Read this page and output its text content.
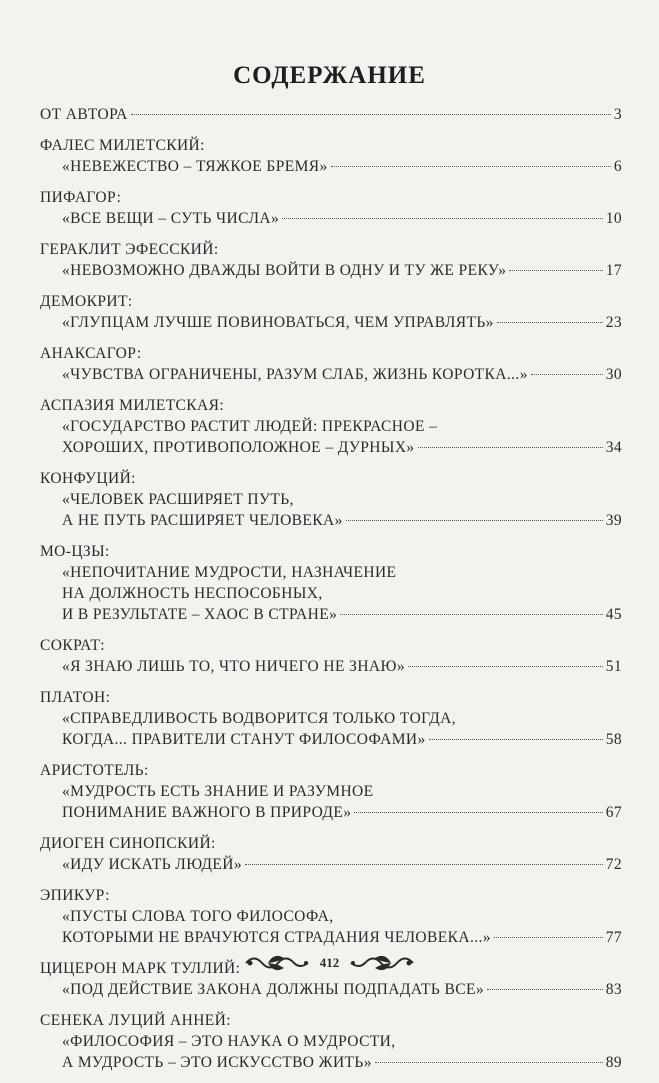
СОДЕРЖАНИЕ
ОТ АВТОРА	3
ФАЛЕС МИЛЕТСКИЙ:
«НЕВЕЖЕСТВО – ТЯЖКОЕ БРЕМЯ»	6
ПИФАГОР:
«ВСЕ ВЕЩИ – СУТЬ ЧИСЛА»	10
ГЕРАКЛИТ ЭФЕССКИЙ:
«НЕВОЗМОЖНО ДВАЖДЫ ВОЙТИ В ОДНУ И ТУ ЖЕ РЕКУ»	17
ДЕМОКРИТ:
«ГЛУПЦАМ ЛУЧШЕ ПОВИНОВАТЬСЯ, ЧЕМ УПРАВЛЯТЬ»	23
АНАКСАГОР:
«ЧУВСТВА ОГРАНИЧЕНЫ, РАЗУМ СЛАБ, ЖИЗНЬ КОРОТКА...»	30
АСПАЗИЯ МИЛЕТСКАЯ:
«ГОСУДАРСТВО РАСТИТ ЛЮДЕЙ: ПРЕКРАСНОЕ –
ХОРОШИХ, ПРОТИВОПОЛОЖНОЕ – ДУРНЫХ»	34
КОНФУЦИЙ:
«ЧЕЛОВЕК РАСШИРЯЕТ ПУТЬ,
А НЕ ПУТЬ РАСШИРЯЕТ ЧЕЛОВЕКА»	39
МО-ЦЗЫ:
«НЕПОЧИТАНИЕ МУДРОСТИ, НАЗНАЧЕНИЕ
НА ДОЛЖНОСТЬ НЕСПОСОБНЫХ,
И В РЕЗУЛЬТАТЕ – ХАОС В СТРАНЕ»	45
СОКРАТ:
«Я ЗНАЮ ЛИШЬ ТО, ЧТО НИЧЕГО НЕ ЗНАЮ»	51
ПЛАТОН:
«СПРАВЕДЛИВОСТЬ ВОДВОРИТСЯ ТОЛЬКО ТОГДА,
КОГДА... ПРАВИТЕЛИ СТАНУТ ФИЛОСОФАМИ»	58
АРИСТОТЕЛЬ:
«МУДРОСТЬ ЕСТЬ ЗНАНИЕ И РАЗУМНОЕ
ПОНИМАНИЕ ВАЖНОГО В ПРИРОДЕ»	67
ДИОГЕН СИНОПСКИЙ:
«ИДУ ИСКАТЬ ЛЮДЕЙ»	72
ЭПИКУР:
«ПУСТЫ СЛОВА ТОГО ФИЛОСОФА,
КОТОРЫМИ НЕ ВРАЧУЮТСЯ СТРАДАНИЯ ЧЕЛОВЕКА...»	77
ЦИЦЕРОН МАРК ТУЛЛИЙ:
«ПОД ДЕЙСТВИЕ ЗАКОНА ДОЛЖНЫ ПОДПАДАТЬ ВСЕ»	83
СЕНЕКА ЛУЦИЙ АННЕЙ:
«ФИЛОСОФИЯ – ЭТО НАУКА О МУДРОСТИ,
А МУДРОСТЬ – ЭТО ИСКУССТВО ЖИТЬ»	89
412
